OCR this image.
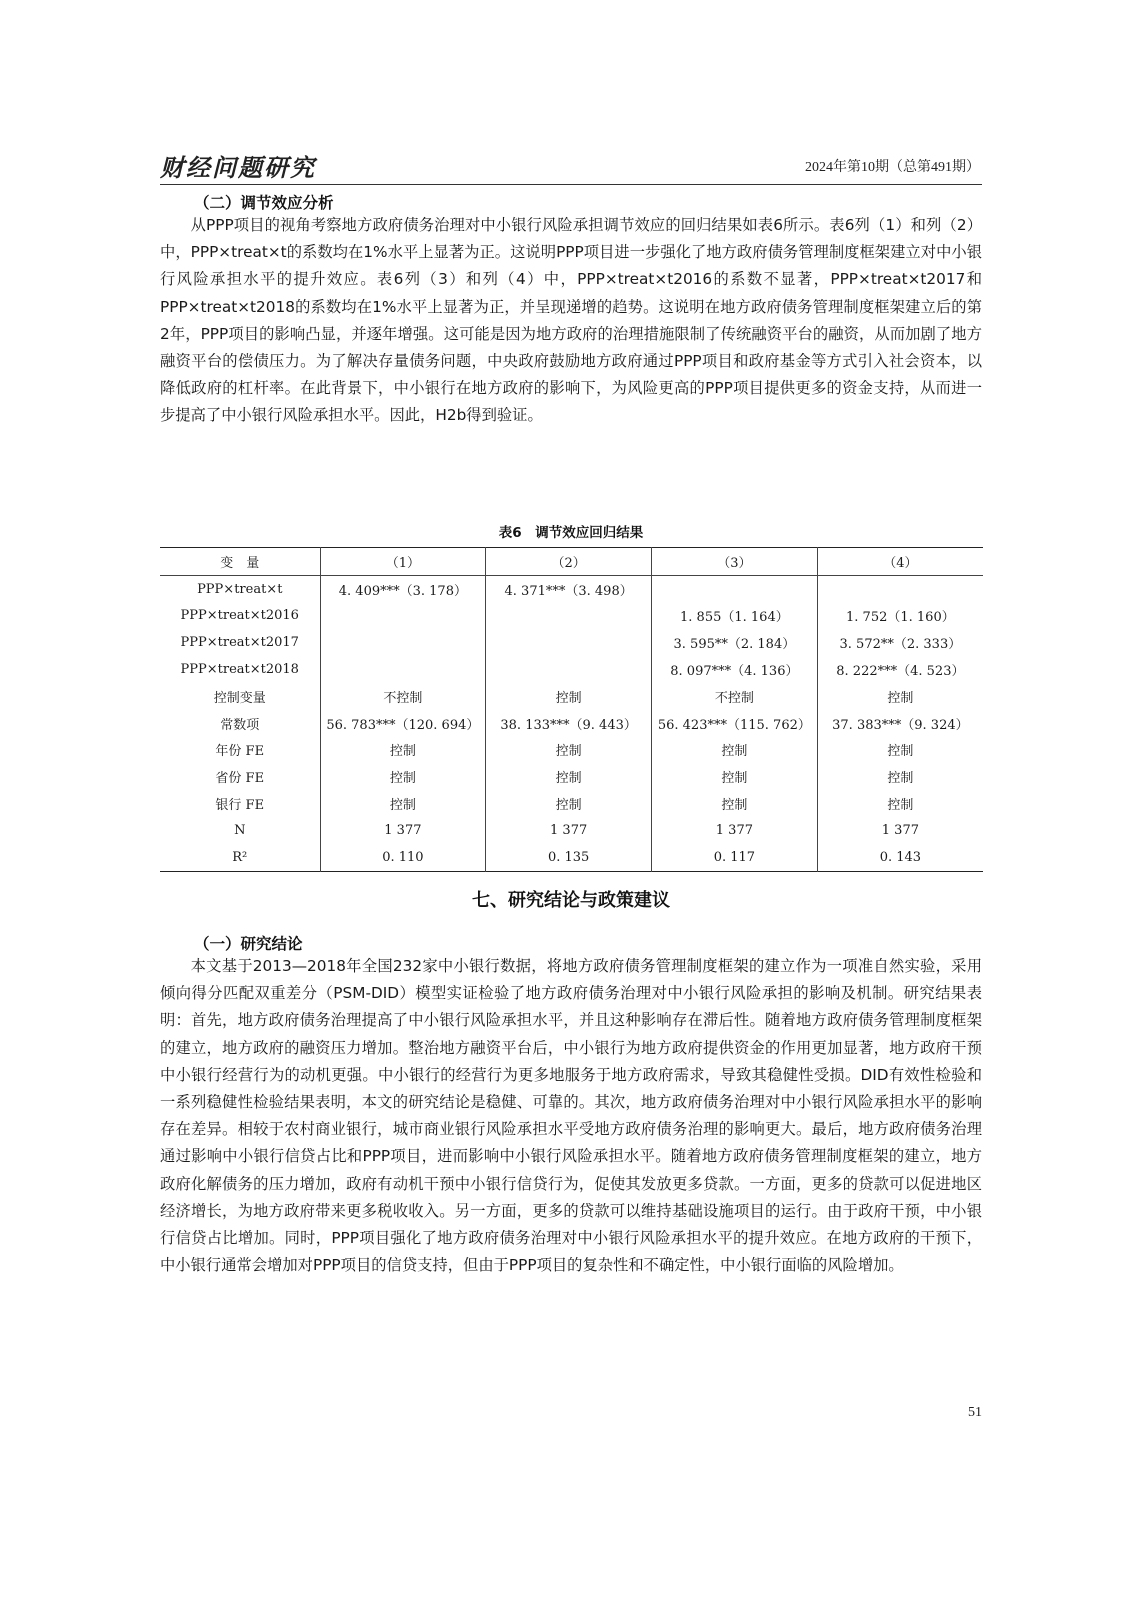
财经问题研究	2024年第10期（总第491期）
（二）调节效应分析

从PPP项目的视角考察地方政府债务治理对中小银行风险承担调节效应的回归结果如表6所示。表6列（1）和列（2）中，PPP×treat×t的系数均在1%水平上显著为正。这说明PPP项目进一步强化了地方政府债务管理制度框架建立对中小银行风险承担水平的提升效应。表6列（3）和列（4）中，PPP×treat×t2016的系数不显著，PPP×treat×t2017和PPP×treat×t2018的系数均在1%水平上显著为正，并呈现递增的趋势。这说明在地方政府债务管理制度框架建立后的第2年，PPP项目的影响凸显，并逐年增强。这可能是因为地方政府的治理措施限制了传统融资平台的融资，从而加剧了地方融资平台的偿债压力。为了解决存量债务问题，中央政府鼓励地方政府通过PPP项目和政府基金等方式引入社会资本，以降低政府的杠杆率。在此背景下，中小银行在地方政府的影响下，为风险更高的PPP项目提供更多的资金支持，从而进一步提高了中小银行风险承担水平。因此，H2b得到验证。

表6　调节效应回归结果
变　量	（1）	（2）	（3）	（4）
PPP×treat×t	4. 409***（3. 178）	4. 371***（3. 498）		
PPP×treat×t2016			1. 855（1. 164）	1. 752（1. 160）
PPP×treat×t2017			3. 595**（2. 184）	3. 572**（2. 333）
PPP×treat×t2018			8. 097***（4. 136）	8. 222***（4. 523）
控制变量	不控制	控制	不控制	控制
常数项	56. 783***（120. 694）	38. 133***（9. 443）	56. 423***（115. 762）	37. 383***（9. 324）
年份 FE	控制	控制	控制	控制
省份 FE	控制	控制	控制	控制
银行 FE	控制	控制	控制	控制
N	1 377	1 377	1 377	1 377
R²	0. 110	0. 135	0. 117	0. 143
七、研究结论与政策建议
（一）研究结论

本文基于2013—2018年全国232家中小银行数据，将地方政府债务管理制度框架的建立作为一项准自然实验，采用倾向得分匹配双重差分（PSM-DID）模型实证检验了地方政府债务治理对中小银行风险承担的影响及机制。研究结果表明：首先，地方政府债务治理提高了中小银行风险承担水平，并且这种影响存在滞后性。随着地方政府债务管理制度框架的建立，地方政府的融资压力增加。整治地方融资平台后，中小银行为地方政府提供资金的作用更加显著，地方政府干预中小银行经营行为的动机更强。中小银行的经营行为更多地服务于地方政府需求，导致其稳健性受损。DID有效性检验和一系列稳健性检验结果表明，本文的研究结论是稳健、可靠的。其次，地方政府债务治理对中小银行风险承担水平的影响存在差异。相较于农村商业银行，城市商业银行风险承担水平受地方政府债务治理的影响更大。最后，地方政府债务治理通过影响中小银行信贷占比和PPP项目，进而影响中小银行风险承担水平。随着地方政府债务管理制度框架的建立，地方政府化解债务的压力增加，政府有动机干预中小银行信贷行为，促使其发放更多贷款。一方面，更多的贷款可以促进地区经济增长，为地方政府带来更多税收收入。另一方面，更多的贷款可以维持基础设施项目的运行。由于政府干预，中小银行信贷占比增加。同时，PPP项目强化了地方政府债务治理对中小银行风险承担水平的提升效应。在地方政府的干预下，中小银行通常会增加对PPP项目的信贷支持，但由于PPP项目的复杂性和不确定性，中小银行面临的风险增加。

51
